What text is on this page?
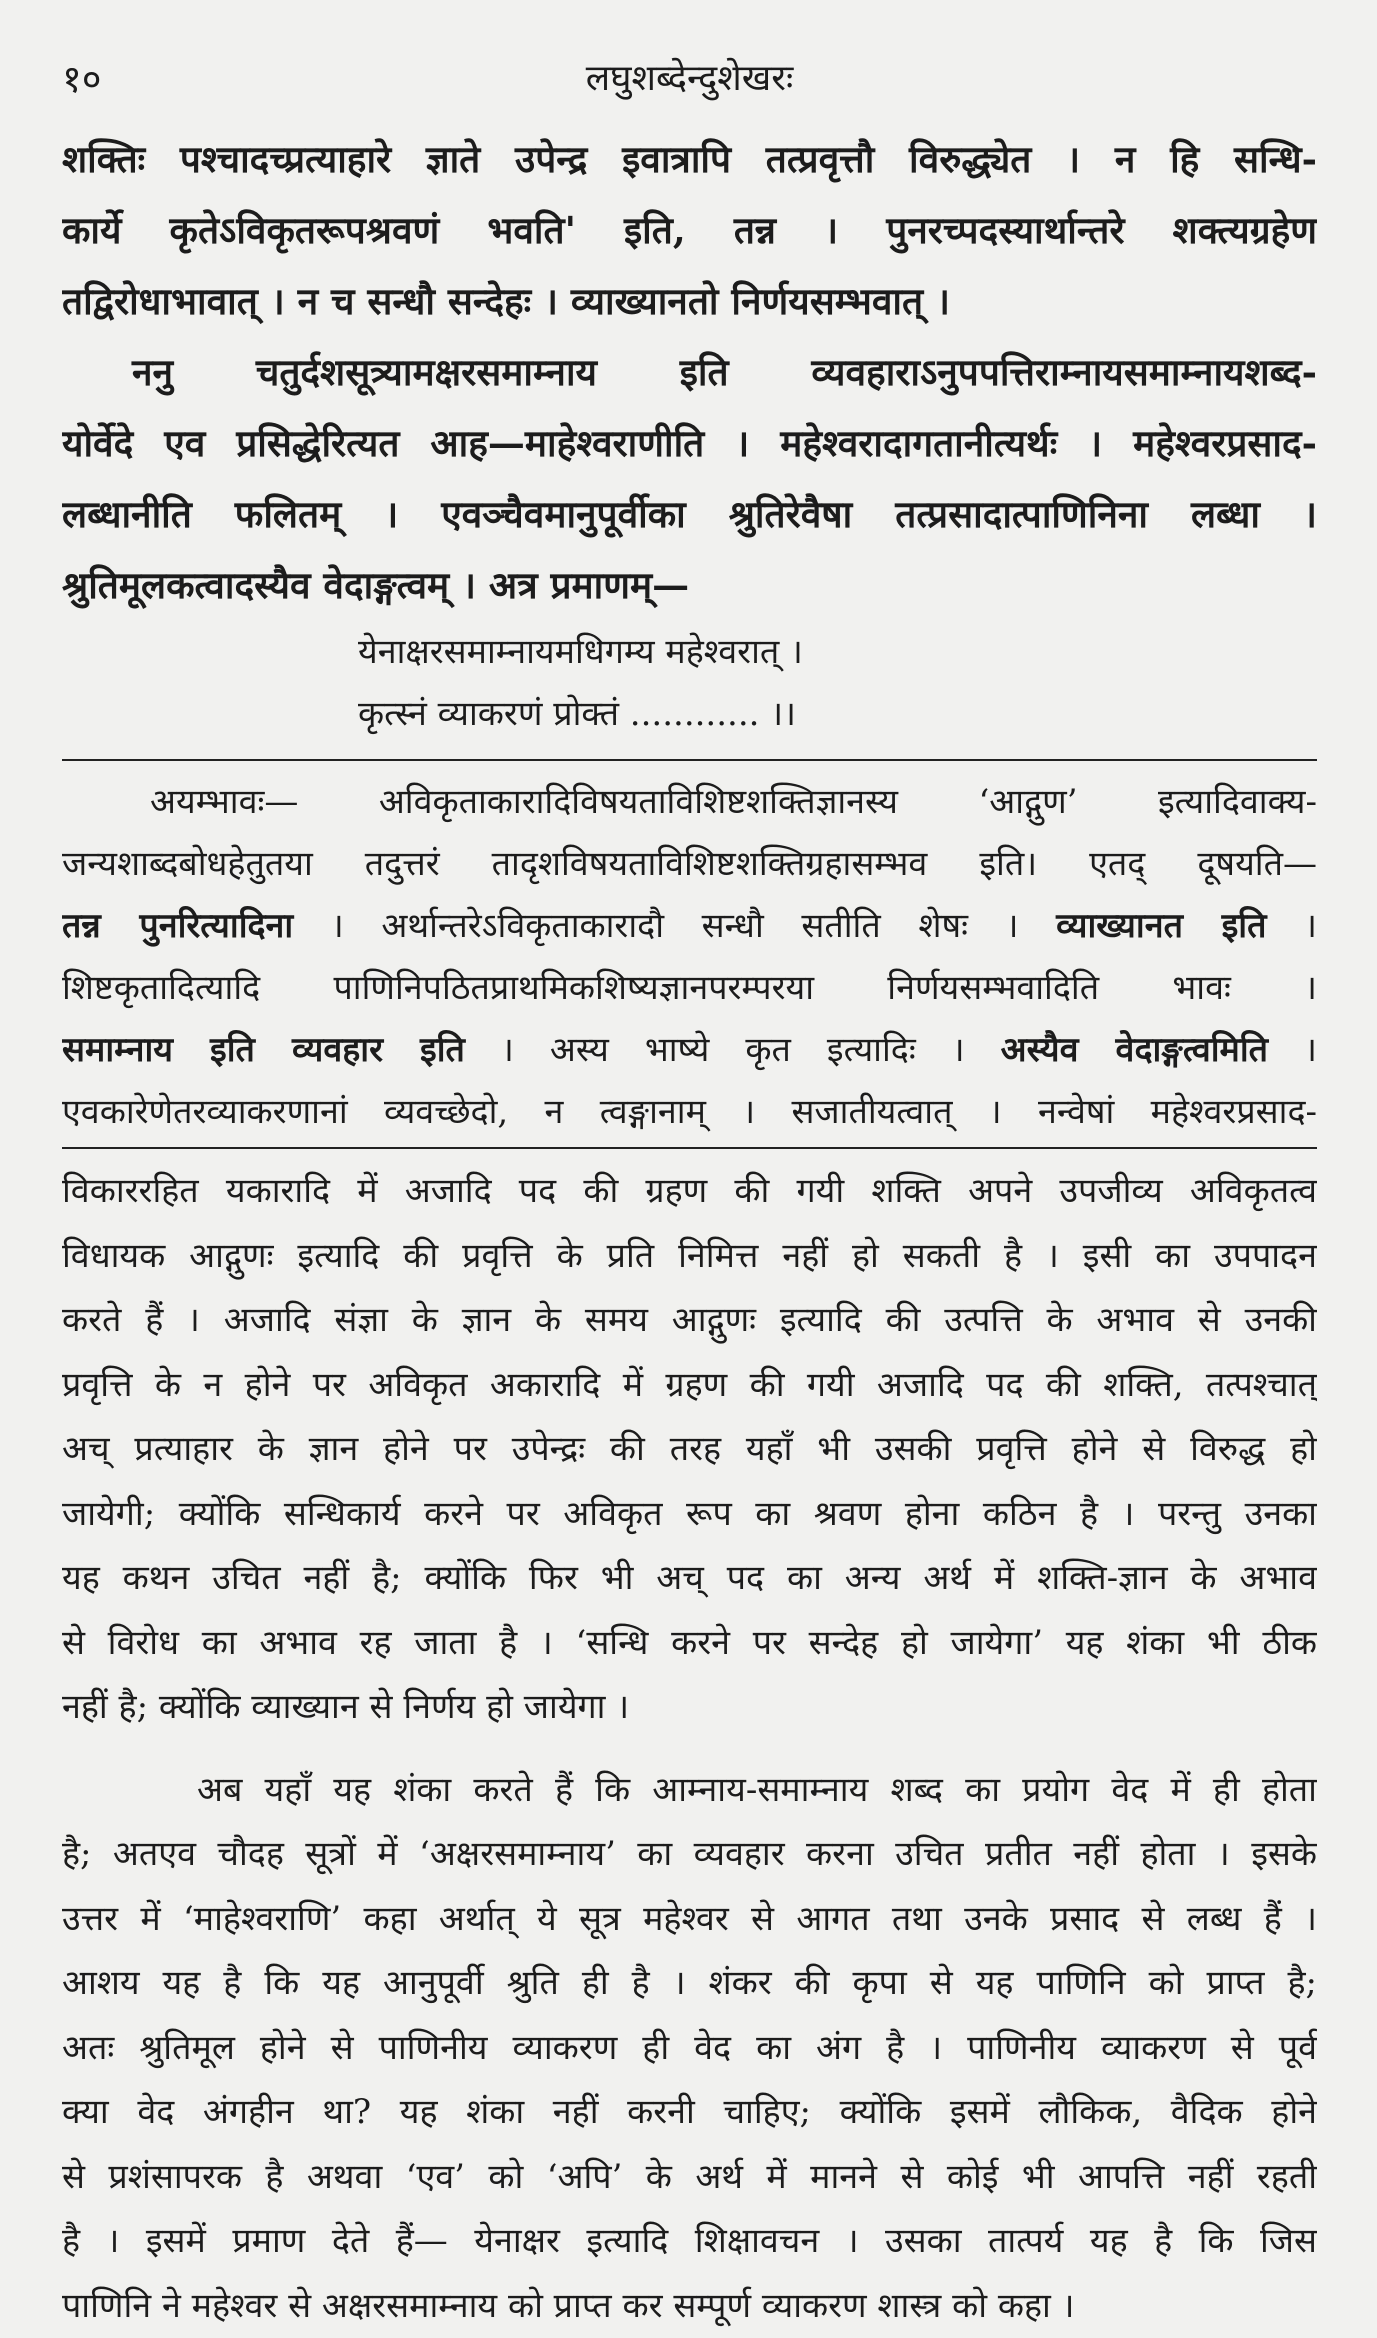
१०	लघुशब्देन्दुशेखरः
शक्तिः पश्चादच्प्रत्याहारे ज्ञाते उपेन्द्र इवात्रापि तत्प्रवृत्तौ विरुद्ध्येत । न हि सन्धि-
कार्ये कृतेऽविकृतरूपश्रवणं भवति' इति, तन्न । पुनरच्पदस्यार्थान्तरे शक्त्यग्रहेण
तद्विरोधाभावात् । न च सन्धौ सन्देहः । व्याख्यानतो निर्णयसम्भवात् ।
ननु चतुर्दशसूत्र्यामक्षरसमाम्नाय इति व्यवहाराऽनुपपत्तिराम्नायसमाम्नायशब्द-
योर्वेदे एव प्रसिद्धेरित्यत आह—माहेश्वराणीति । महेश्वरादागतानीत्यर्थः । महेश्वरप्रसाद-
लब्धानीति फलितम् । एवञ्चैवमानुपूर्वीका श्रुतिरेवैषा तत्प्रसादात्पाणिनिना लब्धा ।
श्रुतिमूलकत्वादस्यैव वेदाङ्गत्वम् । अत्र प्रमाणम्—
येनाक्षरसमाम्नायमधिगम्य महेश्वरात् ।
कृत्स्नं व्याकरणं प्रोक्तं ............ ।।
अयम्भावः— अविकृताकारादिविषयताविशिष्टशक्तिज्ञानस्य ‘आद्गुण’ इत्यादिवाक्य-
जन्यशाब्दबोधहेतुतया तदुत्तरं तादृशविषयताविशिष्टशक्तिग्रहासम्भव इति। एतद् दूषयति—
तन्न पुनरित्यादिना । अर्थान्तरेऽविकृताकारादौ सन्धौ सतीति शेषः । व्याख्यानत इति ।
शिष्टकृतादित्यादि पाणिनिपठितप्राथमिकशिष्यज्ञानपरम्परया निर्णयसम्भवादिति भावः ।
समाम्नाय इति व्यवहार इति । अस्य भाष्ये कृत इत्यादिः । अस्यैव वेदाङ्गत्वमिति ।
एवकारेणेतरव्याकरणानां व्यवच्छेदो, न त्वङ्गानाम् । सजातीयत्वात् । नन्वेषां महेश्वरप्रसाद-
विकाररहित यकारादि में अजादि पद की ग्रहण की गयी शक्ति अपने उपजीव्य अविकृतत्व
विधायक आद्गुणः इत्यादि की प्रवृत्ति के प्रति निमित्त नहीं हो सकती है । इसी का उपपादन
करते हैं । अजादि संज्ञा के ज्ञान के समय आद्गुणः इत्यादि की उत्पत्ति के अभाव से उनकी
प्रवृत्ति के न होने पर अविकृत अकारादि में ग्रहण की गयी अजादि पद की शक्ति, तत्पश्चात्
अच् प्रत्याहार के ज्ञान होने पर उपेन्द्रः की तरह यहाँ भी उसकी प्रवृत्ति होने से विरुद्ध हो
जायेगी; क्योंकि सन्धिकार्य करने पर अविकृत रूप का श्रवण होना कठिन है । परन्तु उनका
यह कथन उचित नहीं है; क्योंकि फिर भी अच् पद का अन्य अर्थ में शक्ति-ज्ञान के अभाव
से विरोध का अभाव रह जाता है । ‘सन्धि करने पर सन्देह हो जायेगा’ यह शंका भी ठीक
नहीं है; क्योंकि व्याख्यान से निर्णय हो जायेगा ।
अब यहाँ यह शंका करते हैं कि आम्नाय-समाम्नाय शब्द का प्रयोग वेद में ही होता
है; अतएव चौदह सूत्रों में ‘अक्षरसमाम्नाय’ का व्यवहार करना उचित प्रतीत नहीं होता । इसके
उत्तर में ‘माहेश्वराणि’ कहा अर्थात् ये सूत्र महेश्वर से आगत तथा उनके प्रसाद से लब्ध हैं ।
आशय यह है कि यह आनुपूर्वी श्रुति ही है । शंकर की कृपा से यह पाणिनि को प्राप्त है;
अतः श्रुतिमूल होने से पाणिनीय व्याकरण ही वेद का अंग है । पाणिनीय व्याकरण से पूर्व
क्या वेद अंगहीन था? यह शंका नहीं करनी चाहिए; क्योंकि इसमें लौकिक, वैदिक होने
से प्रशंसापरक है अथवा ‘एव’ को ‘अपि’ के अर्थ में मानने से कोई भी आपत्ति नहीं रहती
है । इसमें प्रमाण देते हैं— येनाक्षर इत्यादि शिक्षावचन । उसका तात्पर्य यह है कि जिस
पाणिनि ने महेश्वर से अक्षरसमाम्नाय को प्राप्त कर सम्पूर्ण व्याकरण शास्त्र को कहा ।
